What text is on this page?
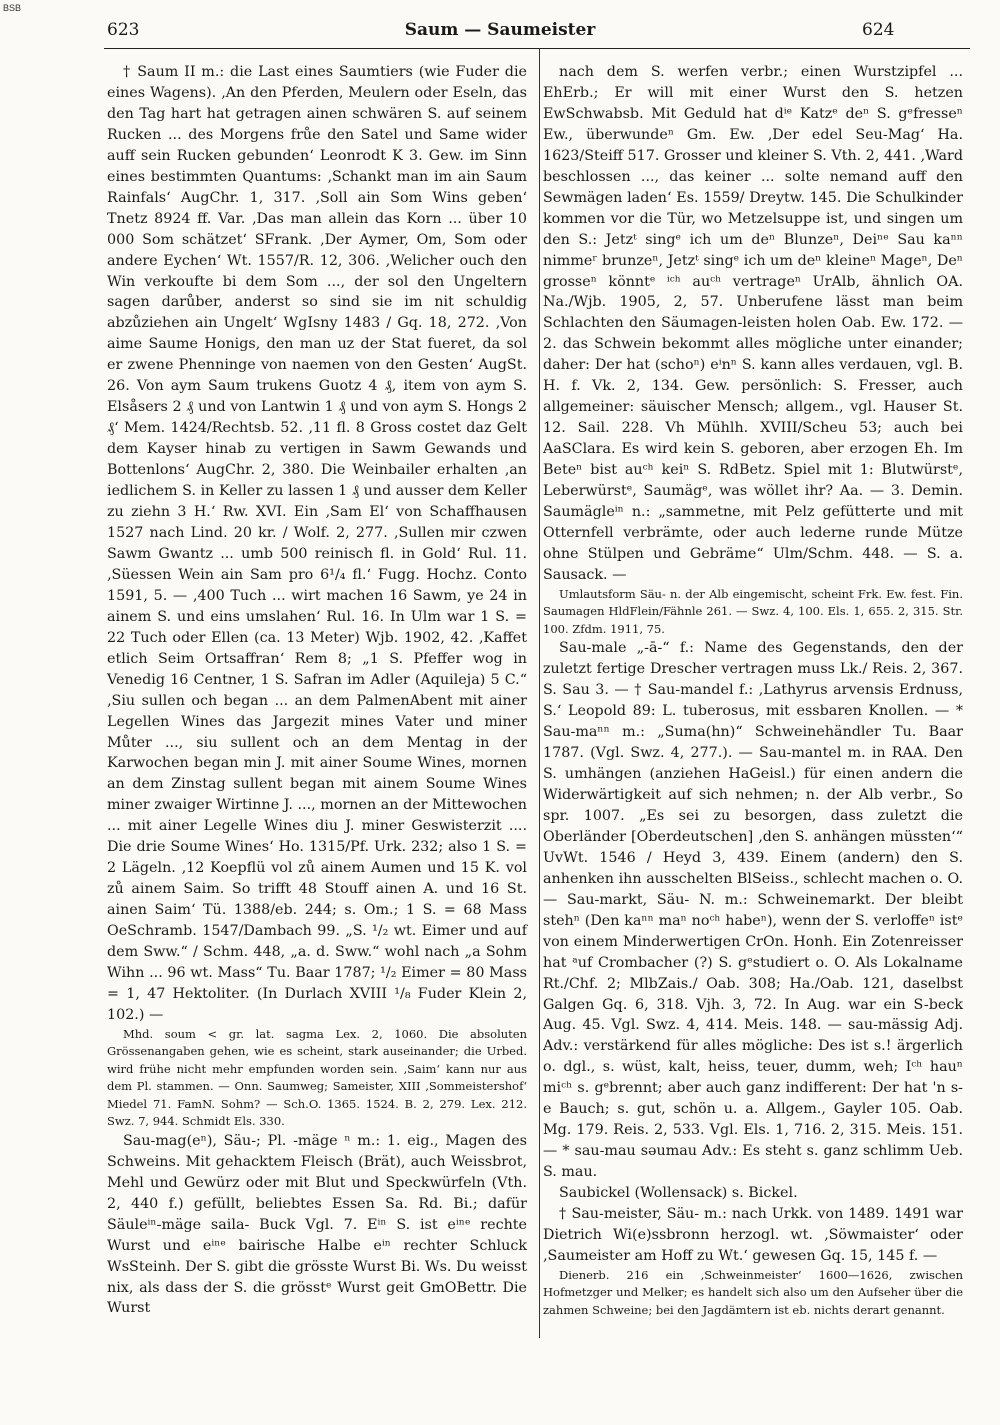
BSB
623	Saum — Saumeister	624

† Saum II m.: die Last eines Saumtiers (wie Fuder die eines Wagens). ‚An den Pferden, Meulern oder Eseln, das den Tag hart hat getragen ainen schwären S. auf seinem Rucken ... des Morgens frůe den Satel und Same wider auff sein Rucken gebunden‘ Leonrodt K 3. Gew. im Sinn eines bestimmten Quantums: ‚Schankt man im ain Saum Rainfals‘ AugChr. 1, 317. ‚Soll ain Som Wins geben‘ Tnetz 8924 ff. Var. ‚Das man allein das Korn ... über 10 000 Som schätzet‘ SFrank. ‚Der Aymer, Om, Som oder andere Eychen‘ Wt. 1557/R. 12, 306. ‚Welicher ouch den Win verkoufte bi dem Som ..., der sol den Ungeltern sagen darůber, anderst so sind sie im nit schuldig abzůziehen ain Ungelt‘ WgIsny 1483 / Gq. 18, 272. ‚Von aime Saume Honigs, den man uz der Stat fueret, da sol er zwene Phenninge von naemen von den Gesten‘ AugSt. 26. Von aym Saum trukens Guotz 4 ₰, item von aym S. Elsåsers 2 ₰ und von Lantwin 1 ₰ und von aym S. Hongs 2 ₰‘ Mem. 1424/Rechtsb. 52. ‚11 fl. 8 Gross costet daz Gelt dem Kayser hinab zu vertigen in Sawm Gewands und Bottenlons‘ AugChr. 2, 380. Die Weinbailer erhalten ‚an iedlichem S. in Keller zu lassen 1 ₰ und ausser dem Keller zu ziehn 3 H.‘ Rw. XVI. Ein ‚Sam El‘ von Schaffhausen 1527 nach Lind. 20 kr. / Wolf. 2, 277. ‚Sullen mir czwen Sawm Gwantz ... umb 500 reinisch fl. in Gold‘ Rul. 11. ‚Süessen Wein ain Sam pro 6¹/₄ fl.‘ Fugg. Hochz. Conto 1591, 5. — ‚400 Tuch ... wirt machen 16 Sawm, ye 24 in ainem S. und eins umslahen‘ Rul. 16. In Ulm war 1 S. = 22 Tuch oder Ellen (ca. 13 Meter) Wjb. 1902, 42. ‚Kaffet etlich Seim Ortsaffran‘ Rem 8; „1 S. Pfeffer wog in Venedig 16 Centner, 1 S. Safran im Adler (Aquileja) 5 C.“ ‚Siu sullen och began ... an dem PalmenAbent mit ainer Legellen Wines das Jargezit mines Vater und miner Můter ..., siu sullent och an dem Mentag in der Karwochen began min J. mit ainer Soume Wines, mornen an dem Zinstag sullent began mit ainem Soume Wines miner zwaiger Wirtinne J. ..., mornen an der Mittewochen ... mit ainer Legelle Wines diu J. miner Geswisterzit .... Die drie Soume Wines‘ Ho. 1315/Pf. Urk. 232; also 1 S. = 2 Lägeln. ‚12 Koepflü vol zů ainem Aumen und 15 K. vol zů ainem Saim. So trifft 48 Stouff ainen A. und 16 St. ainen Saim‘ Tü. 1388/eb. 244; s. Om.; 1 S. = 68 Mass OeSchramb. 1547/Dambach 99. „S. ¹/₂ wt. Eimer und auf dem Sww.“ / Schm. 448, „a. d. Sww.“ wohl nach „a Sohm Wihn ... 96 wt. Mass“ Tu. Baar 1787; ¹/₂ Eimer = 80 Mass = 1, 47 Hektoliter. (In Durlach XVIII ¹/₈ Fuder Klein 2, 102.) —

Mhd. soum < gr. lat. sagma Lex. 2, 1060. Die absoluten Grössenangaben gehen, wie es scheint, stark auseinander; die Urbed. wird frühe nicht mehr empfunden worden sein. ‚Saim‘ kann nur aus dem Pl. stammen. — Onn. Saumweg; Sameister, XIII ‚Sommeistershof‘ Miedel 71. FamN. Sohm? — Sch.O. 1365. 1524. B. 2, 279. Lex. 212. Swz. 7, 944. Schmidt Els. 330.

Sau-mag(eⁿ), Säu-; Pl. -mäge ⁿ m.: 1. eig., Magen des Schweins. Mit gehacktem Fleisch (Brät), auch Weissbrot, Mehl und Gewürz oder mit Blut und Speckwürfeln (Vth. 2, 440 f.) gefüllt, beliebtes Essen Sa. Rd. Bi.; dafür Säuleⁱⁿ-mäge saila- Buck Vgl. 7. Eⁱⁿ S. ist eⁱⁿᵉ rechte Wurst und eⁱⁿᵉ bairische Halbe eⁱⁿ rechter Schluck WsSteinh. Der S. gibt die grösste Wurst Bi. Ws. Du weisst nix, als dass der S. die grösstᵉ Wurst geit GmOBettr. Die Wurst

nach dem S. werfen verbr.; einen Wurstzipfel ... EhErb.; Er will mit einer Wurst den S. hetzen EwSchwabsb. Mit Geduld hat dⁱᵉ Katzᵉ deⁿ S. gᵉfresseⁿ Ew., überwundeⁿ Gm. Ew. ‚Der edel Seu-Mag‘ Ha. 1623/Steiff 517. Grosser und kleiner S. Vth. 2, 441. ‚Ward beschlossen ..., das keiner ... solte nemand auff den Sewmägen laden‘ Es. 1559/ Dreytw. 145. Die Schulkinder kommen vor die Tür, wo Metzelsuppe ist, und singen um den S.: Jetzᵗ singᵉ ich um deⁿ Blunzeⁿ, Deiⁿᵉ Sau kaⁿⁿ nimmeʳ brunzeⁿ, Jetzᵗ singᵉ ich um deⁿ kleineⁿ Mageⁿ, Deⁿ grosseⁿ könntᵉ ⁱᶜʰ auᶜʰ vertrageⁿ UrAlb, ähnlich OA. Na./Wjb. 1905, 2, 57. Unberufene lässt man beim Schlachten den Säumagen-leisten holen Oab. Ew. 172. — 2. das Schwein bekommt alles mögliche unter einander; daher: Der hat (schoⁿ) eⁱnⁿ S. kann alles verdauen, vgl. B. H. f. Vk. 2, 134. Gew. persönlich: S. Fresser, auch allgemeiner: säuischer Mensch; allgem., vgl. Hauser St. 12. Sail. 228. Vh Mühlh. XVIII/Scheu 53; auch bei AaSClara. Es wird kein S. geboren, aber erzogen Eh. Im Beteⁿ bist auᶜʰ keiⁿ S. RdBetz. Spiel mit 1: Blutwürstᵉ, Leberwürstᵉ, Saumägᵉ, was wöllet ihr? Aa. — 3. Demin. Saumägleⁱⁿ n.: „sammetne, mit Pelz gefütterte und mit Otternfell verbrämte, oder auch lederne runde Mütze ohne Stülpen und Gebräme“ Ulm/Schm. 448. — S. a. Sausack. —

Umlautsform Säu- n. der Alb eingemischt, scheint Frk. Ew. fest. Fin. Saumagen HldFlein/Fähnle 261. — Swz. 4, 100. Els. 1, 655. 2, 315. Str. 100. Zfdm. 1911, 75.

Sau-male „-ā-“ f.: Name des Gegenstands, den der zuletzt fertige Drescher vertragen muss Lk./ Reis. 2, 367. S. Sau 3. — † Sau-mandel f.: ‚Lathyrus arvensis Erdnuss, S.‘ Leopold 89: L. tuberosus, mit essbaren Knollen. — * Sau-maⁿⁿ m.: „Suma(hn)“ Schweinehändler Tu. Baar 1787. (Vgl. Swz. 4, 277.). — Sau-mantel m. in RAA. Den S. umhängen (anziehen HaGeisl.) für einen andern die Widerwärtigkeit auf sich nehmen; n. der Alb verbr., So spr. 1007. „Es sei zu besorgen, dass zuletzt die Oberländer [Oberdeutschen] ‚den S. anhängen müssten‘“ UvWt. 1546 / Heyd 3, 439. Einem (andern) den S. anhenken ihn ausschelten BlSeiss., schlecht machen o. O. — Sau-markt, Säu- N. m.: Schweinemarkt. Der bleibt stehⁿ (Den kaⁿⁿ maⁿ noᶜʰ habeⁿ), wenn der S. verloffeⁿ istᵉ von einem Minderwertigen CrOn. Honh. Ein Zotenreisser hat ᵃuf Crombacher (?) S. gᵉstudiert o. O. Als Lokalname Rt./Chf. 2; MlbZais./ Oab. 308; Ha./Oab. 121, daselbst Galgen Gq. 6, 318. Vjh. 3, 72. In Aug. war ein S-beck Aug. 45. Vgl. Swz. 4, 414. Meis. 148. — sau-mässig Adj. Adv.: verstärkend für alles mögliche: Des ist s.! ärgerlich o. dgl., s. wüst, kalt, heiss, teuer, dumm, weh; Iᶜʰ hauⁿ miᶜʰ s. gᵉbrennt; aber auch ganz indifferent: Der hat 'n s-e Bauch; s. gut, schön u. a. Allgem., Gayler 105. Oab. Mg. 179. Reis. 2, 533. Vgl. Els. 1, 716. 2, 315. Meis. 151. — * sau-mau səumau Adv.: Es steht s. ganz schlimm Ueb. S. mau.

Saubickel (Wollensack) s. Bickel.

† Sau-meister, Säu- m.: nach Urkk. von 1489. 1491 war Dietrich Wi(e)ssbronn herzogl. wt. ‚Söwmaister‘ oder ‚Saumeister am Hoff zu Wt.‘ gewesen Gq. 15, 145 f. —

Dienerb. 216 ein ‚Schweinmeister‘ 1600—1626, zwischen Hofmetzger und Melker; es handelt sich also um den Aufseher über die zahmen Schweine; bei den Jagdämtern ist eb. nichts derart genannt.
